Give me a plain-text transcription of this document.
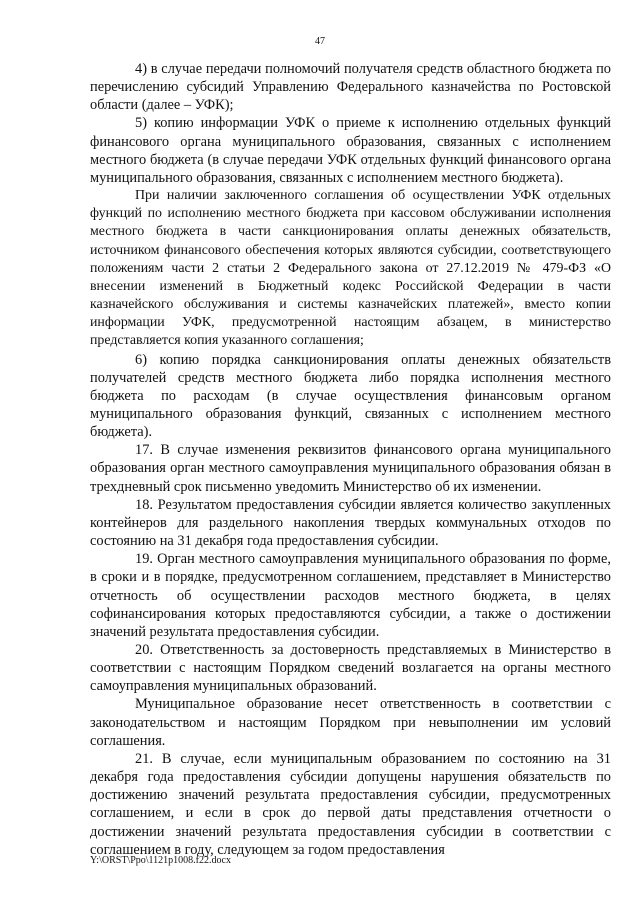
47

4) в случае передачи полномочий получателя средств областного бюджета по перечислению субсидий Управлению Федерального казначейства по Ростовской области (далее – УФК);

5) копию информации УФК о приеме к исполнению отдельных функций финансового органа муниципального образования, связанных с исполнением местного бюджета (в случае передачи УФК отдельных функций финансового органа муниципального образования, связанных с исполнением местного бюджета).

При наличии заключенного соглашения об осуществлении УФК отдельных функций по исполнению местного бюджета при кассовом обслуживании исполнения местного бюджета в части санкционирования оплаты денежных обязательств, источником финансового обеспечения которых являются субсидии, соответствующего положениям части 2 статьи 2 Федерального закона от 27.12.2019 № 479-ФЗ «О внесении изменений в Бюджетный кодекс Российской Федерации в части казначейского обслуживания и системы казначейских платежей», вместо копии информации УФК, предусмотренной настоящим абзацем, в министерство представляется копия указанного соглашения;

6) копию порядка санкционирования оплаты денежных обязательств получателей средств местного бюджета либо порядка исполнения местного бюджета по расходам (в случае осуществления финансовым органом муниципального образования функций, связанных с исполнением местного бюджета).

17. В случае изменения реквизитов финансового органа муниципального образования орган местного самоуправления муниципального образования обязан в трехдневный срок письменно уведомить Министерство об их изменении.

18. Результатом предоставления субсидии является количество закупленных контейнеров для раздельного накопления твердых коммунальных отходов по состоянию на 31 декабря года предоставления субсидии.

19. Орган местного самоуправления муниципального образования по форме, в сроки и в порядке, предусмотренном соглашением, представляет в Министерство отчетность об осуществлении расходов местного бюджета, в целях софинансирования которых предоставляются субсидии, а также о достижении значений результата предоставления субсидии.

20. Ответственность за достоверность представляемых в Министерство в соответствии с настоящим Порядком сведений возлагается на органы местного самоуправления муниципальных образований.

Муниципальное образование несет ответственность в соответствии с законодательством и настоящим Порядком при невыполнении им условий соглашения.

21. В случае, если муниципальным образованием по состоянию на 31 декабря года предоставления субсидии допущены нарушения обязательств по достижению значений результата предоставления субсидии, предусмотренных соглашением, и если в срок до первой даты представления отчетности о достижении значений результата предоставления субсидии в соответствии с соглашением в году, следующем за годом предоставления

Y:\ORST\Ppo\1121p1008.f22.docx
